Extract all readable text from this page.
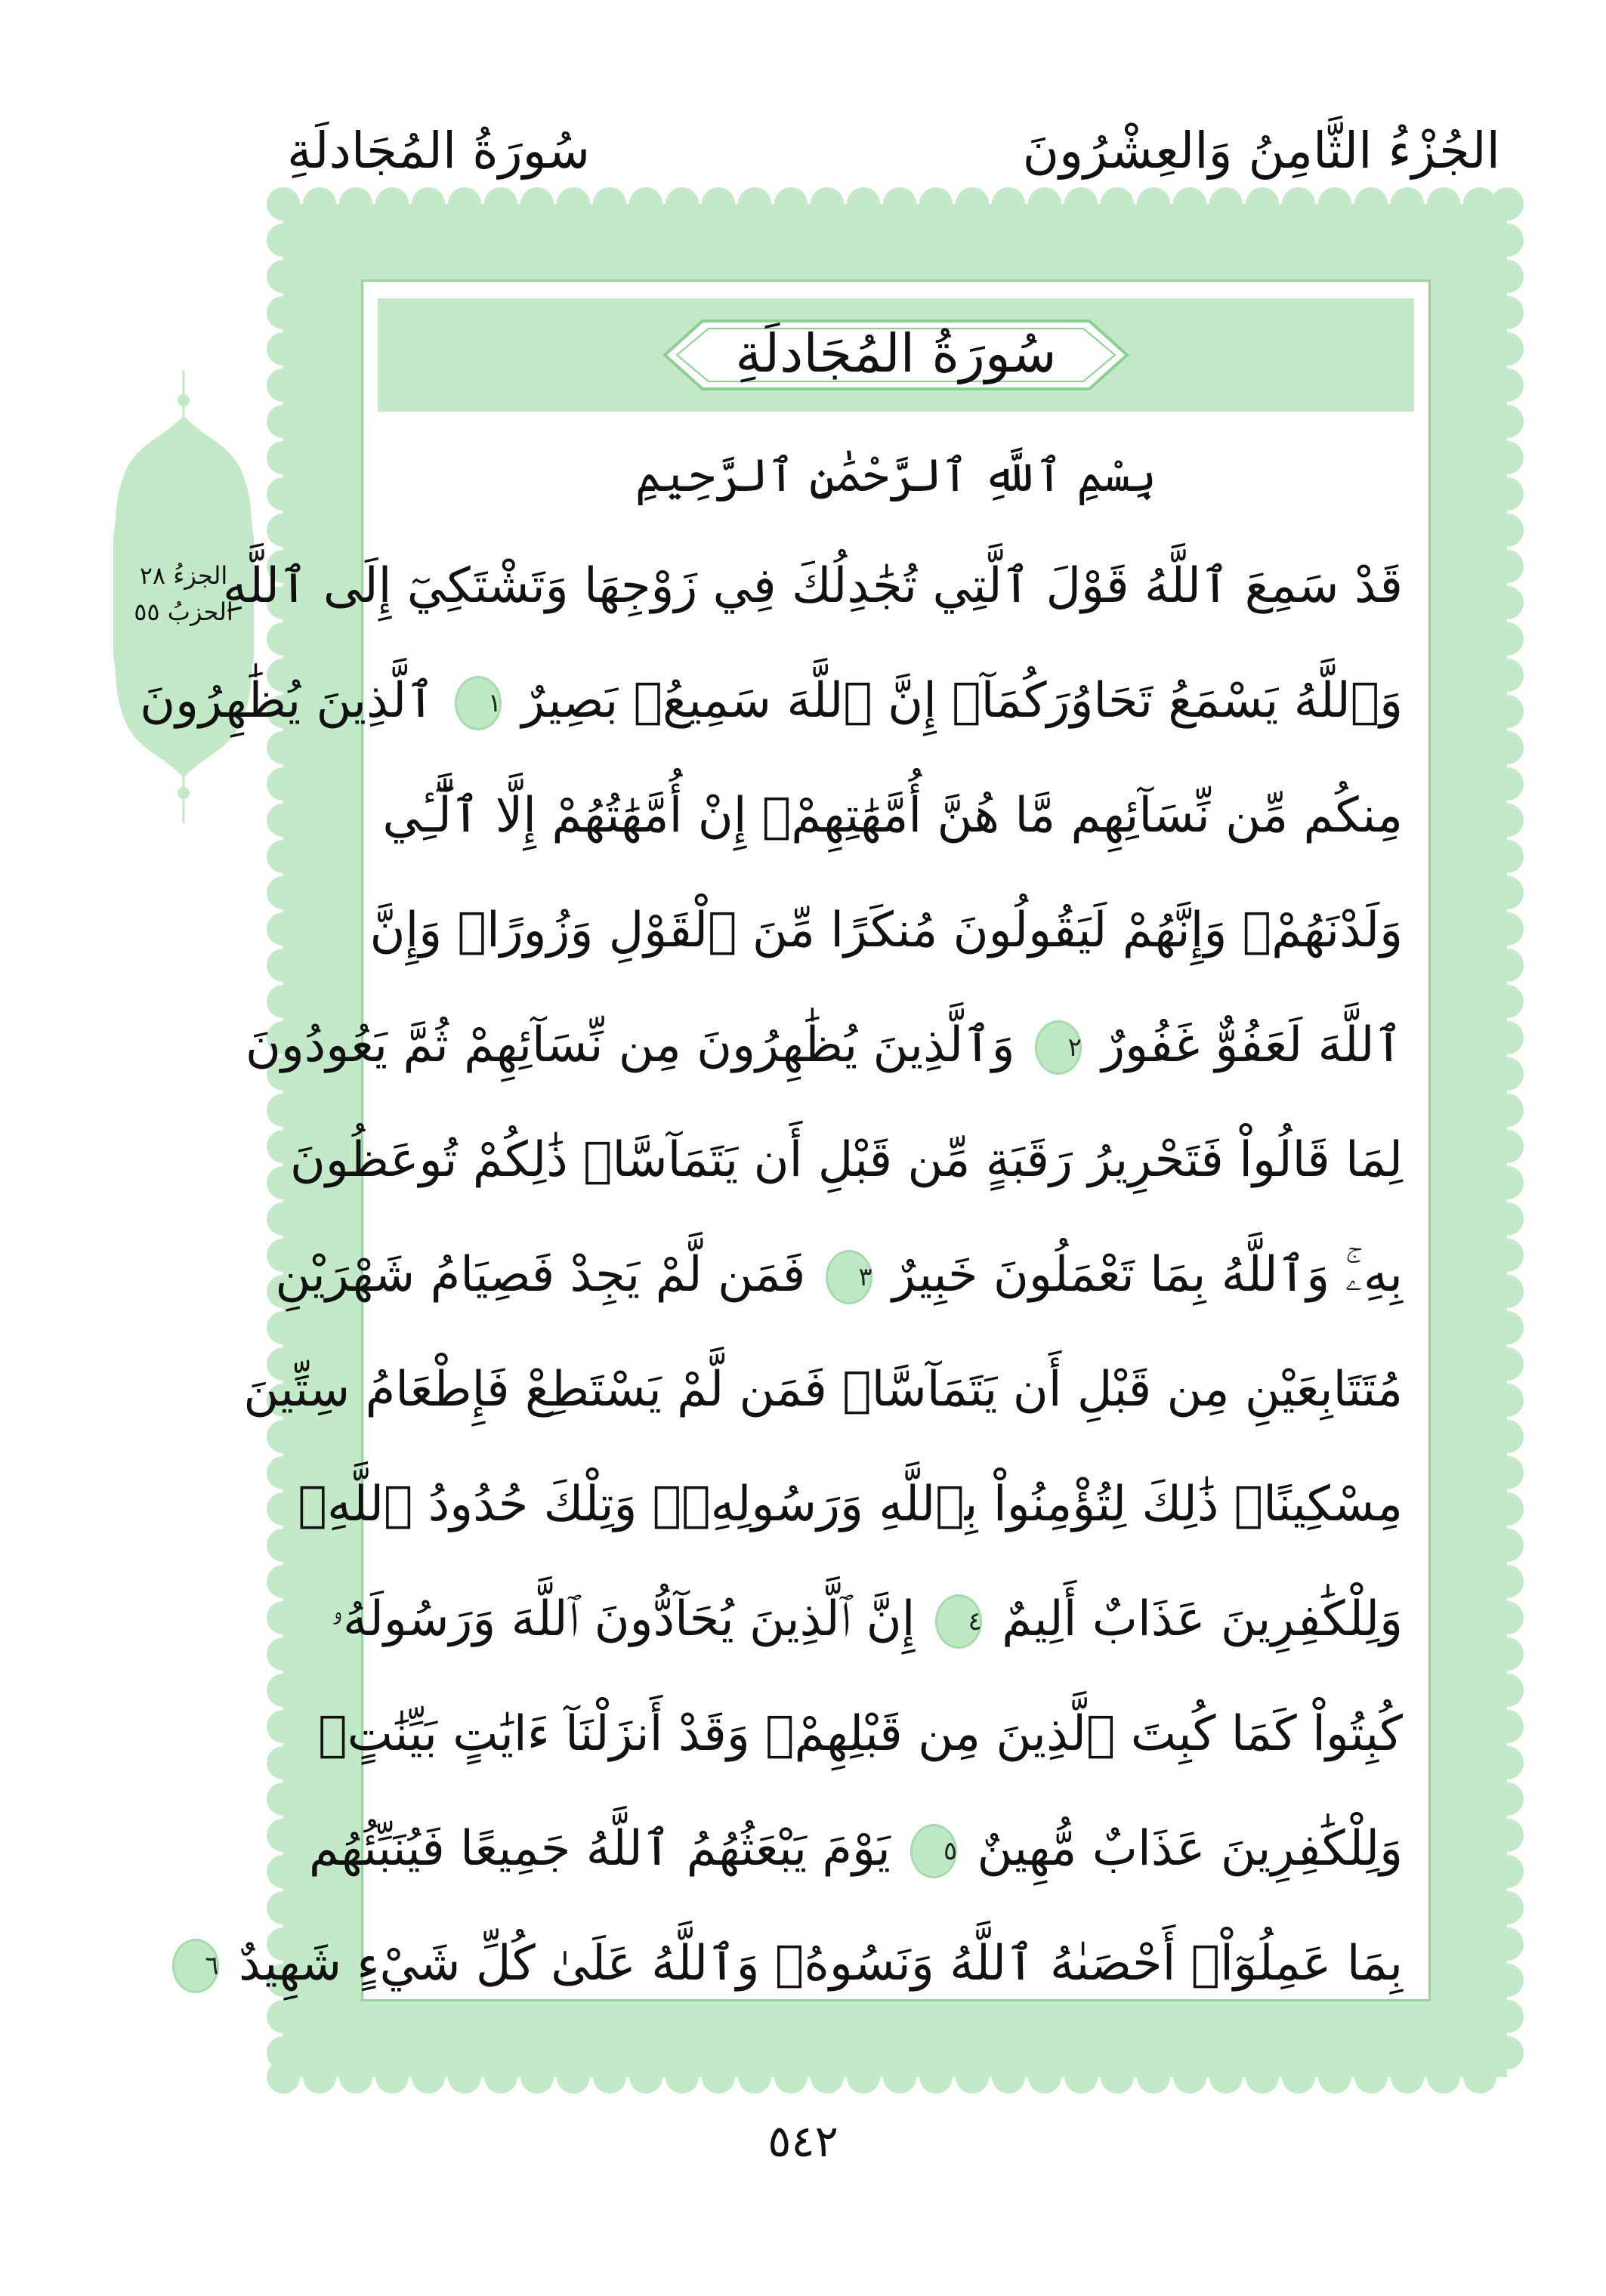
الجُزْءُ الثَّامِنُ وَالعِشْرُونَ
سُورَةُ المُجَادلَةِ
الجزءُ ٢٨
الحزبُ ٥٥
سُورَةُ المُجَادلَةِ
بِسْمِ ٱللَّهِ ٱلرَّحْمَٰنِ ٱلرَّحِيمِ
قَدْ سَمِعَ ٱللَّهُ قَوْلَ ٱلَّتِي تُجَٰدِلُكَ فِي زَوْجِهَا وَتَشْتَكِيٓ إِلَى ٱللَّهِ
وَٱللَّهُ يَسْمَعُ تَحَاوُرَكُمَآۚ إِنَّ ٱللَّهَ سَمِيعُۢ بَصِيرٌ ١ ٱلَّذِينَ يُظَٰهِرُونَ
مِنكُم مِّن نِّسَآئِهِم مَّا هُنَّ أُمَّهَٰتِهِمْۖ إِنْ أُمَّهَٰتُهُمْ إِلَّا ٱلَّٰٓـِٔي
وَلَدْنَهُمْۚ وَإِنَّهُمْ لَيَقُولُونَ مُنكَرًا مِّنَ ٱلْقَوْلِ وَزُورًاۚ وَإِنَّ
ٱللَّهَ لَعَفُوٌّ غَفُورٌ ٢ وَٱلَّذِينَ يُظَٰهِرُونَ مِن نِّسَآئِهِمْ ثُمَّ يَعُودُونَ
لِمَا قَالُواْ فَتَحْرِيرُ رَقَبَةٍ مِّن قَبْلِ أَن يَتَمَآسَّاۚ ذَٰلِكُمْ تُوعَظُونَ
بِهِۦۚ وَٱللَّهُ بِمَا تَعْمَلُونَ خَبِيرٌ ٣ فَمَن لَّمْ يَجِدْ فَصِيَامُ شَهْرَيْنِ
مُتَتَابِعَيْنِ مِن قَبْلِ أَن يَتَمَآسَّاۖ فَمَن لَّمْ يَسْتَطِعْ فَإِطْعَامُ سِتِّينَ
مِسْكِينًاۚ ذَٰلِكَ لِتُؤْمِنُواْ بِٱللَّهِ وَرَسُولِهِۦۚ وَتِلْكَ حُدُودُ ٱللَّهِۗ
وَلِلْكَٰفِرِينَ عَذَابٌ أَلِيمٌ ٤ إِنَّ ٱلَّذِينَ يُحَآدُّونَ ٱللَّهَ وَرَسُولَهُۥ
كُبِتُواْ كَمَا كُبِتَ ٱلَّذِينَ مِن قَبْلِهِمْۚ وَقَدْ أَنزَلْنَآ ءَايَٰتٍ بَيِّنَٰتٍۚ
وَلِلْكَٰفِرِينَ عَذَابٌ مُّهِينٌ ٥ يَوْمَ يَبْعَثُهُمُ ٱللَّهُ جَمِيعًا فَيُنَبِّئُهُم
بِمَا عَمِلُوٓاْۚ أَحْصَىٰهُ ٱللَّهُ وَنَسُوهُۚ وَٱللَّهُ عَلَىٰ كُلِّ شَيْءٍ شَهِيدٌ ٦
٥٤٢
